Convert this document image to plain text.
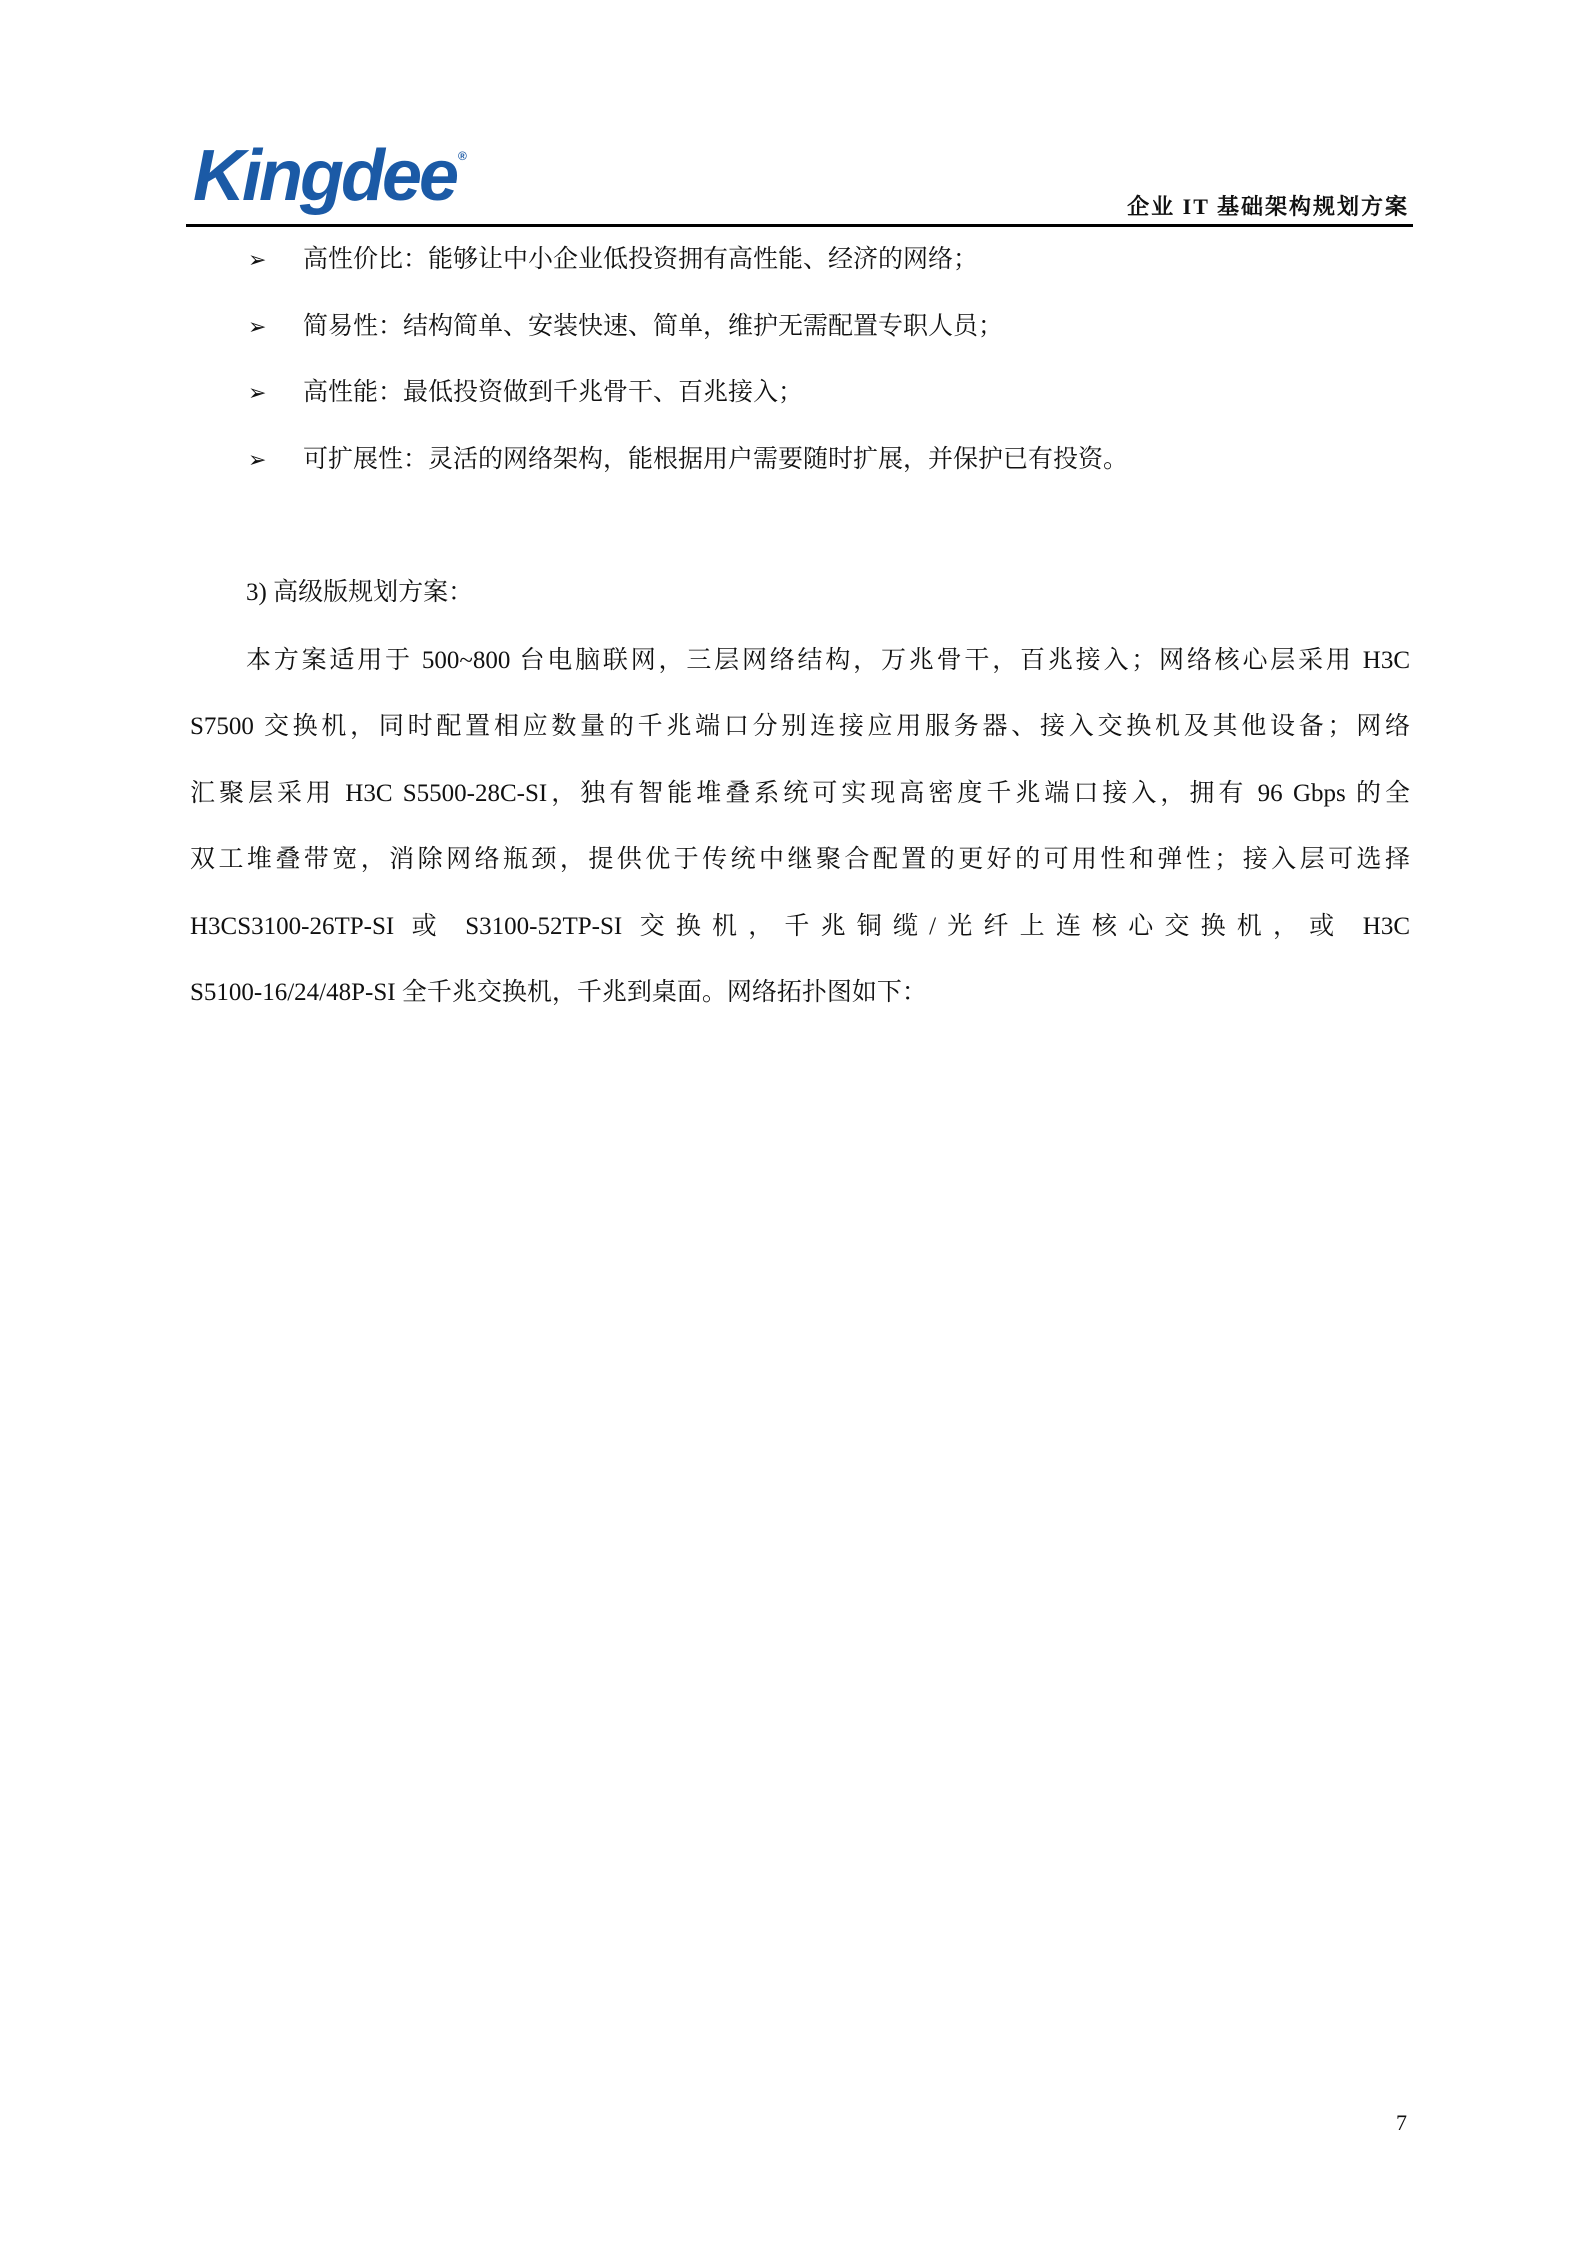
Kingdee ®
企业 IT 基础架构规划方案
➢ 高性价比：能够让中小企业低投资拥有高性能、经济的网络；
➢ 简易性：结构简单、安装快速、简单，维护无需配置专职人员；
➢ 高性能：最低投资做到千兆骨干、百兆接入；
➢ 可扩展性：灵活的网络架构，能根据用户需要随时扩展，并保护已有投资。
3) 高级版规划方案：
本方案适用于 500~800 台电脑联网，三层网络结构，万兆骨干，百兆接入；网络核心层采用 H3C
S7500 交换机，同时配置相应数量的千兆端口分别连接应用服务器、接入交换机及其他设备；网络
汇聚层采用 H3C S5500-28C-SI，独有智能堆叠系统可实现高密度千兆端口接入，拥有 96 Gbps 的全
双工堆叠带宽，消除网络瓶颈，提供优于传统中继聚合配置的更好的可用性和弹性；接入层可选择
H3CS3100-26TP-SI 或 S3100-52TP-SI 交换机，千兆铜缆/光纤上连核心交换机，或 H3C
S5100-16/24/48P-SI 全千兆交换机，千兆到桌面。网络拓扑图如下：
7
